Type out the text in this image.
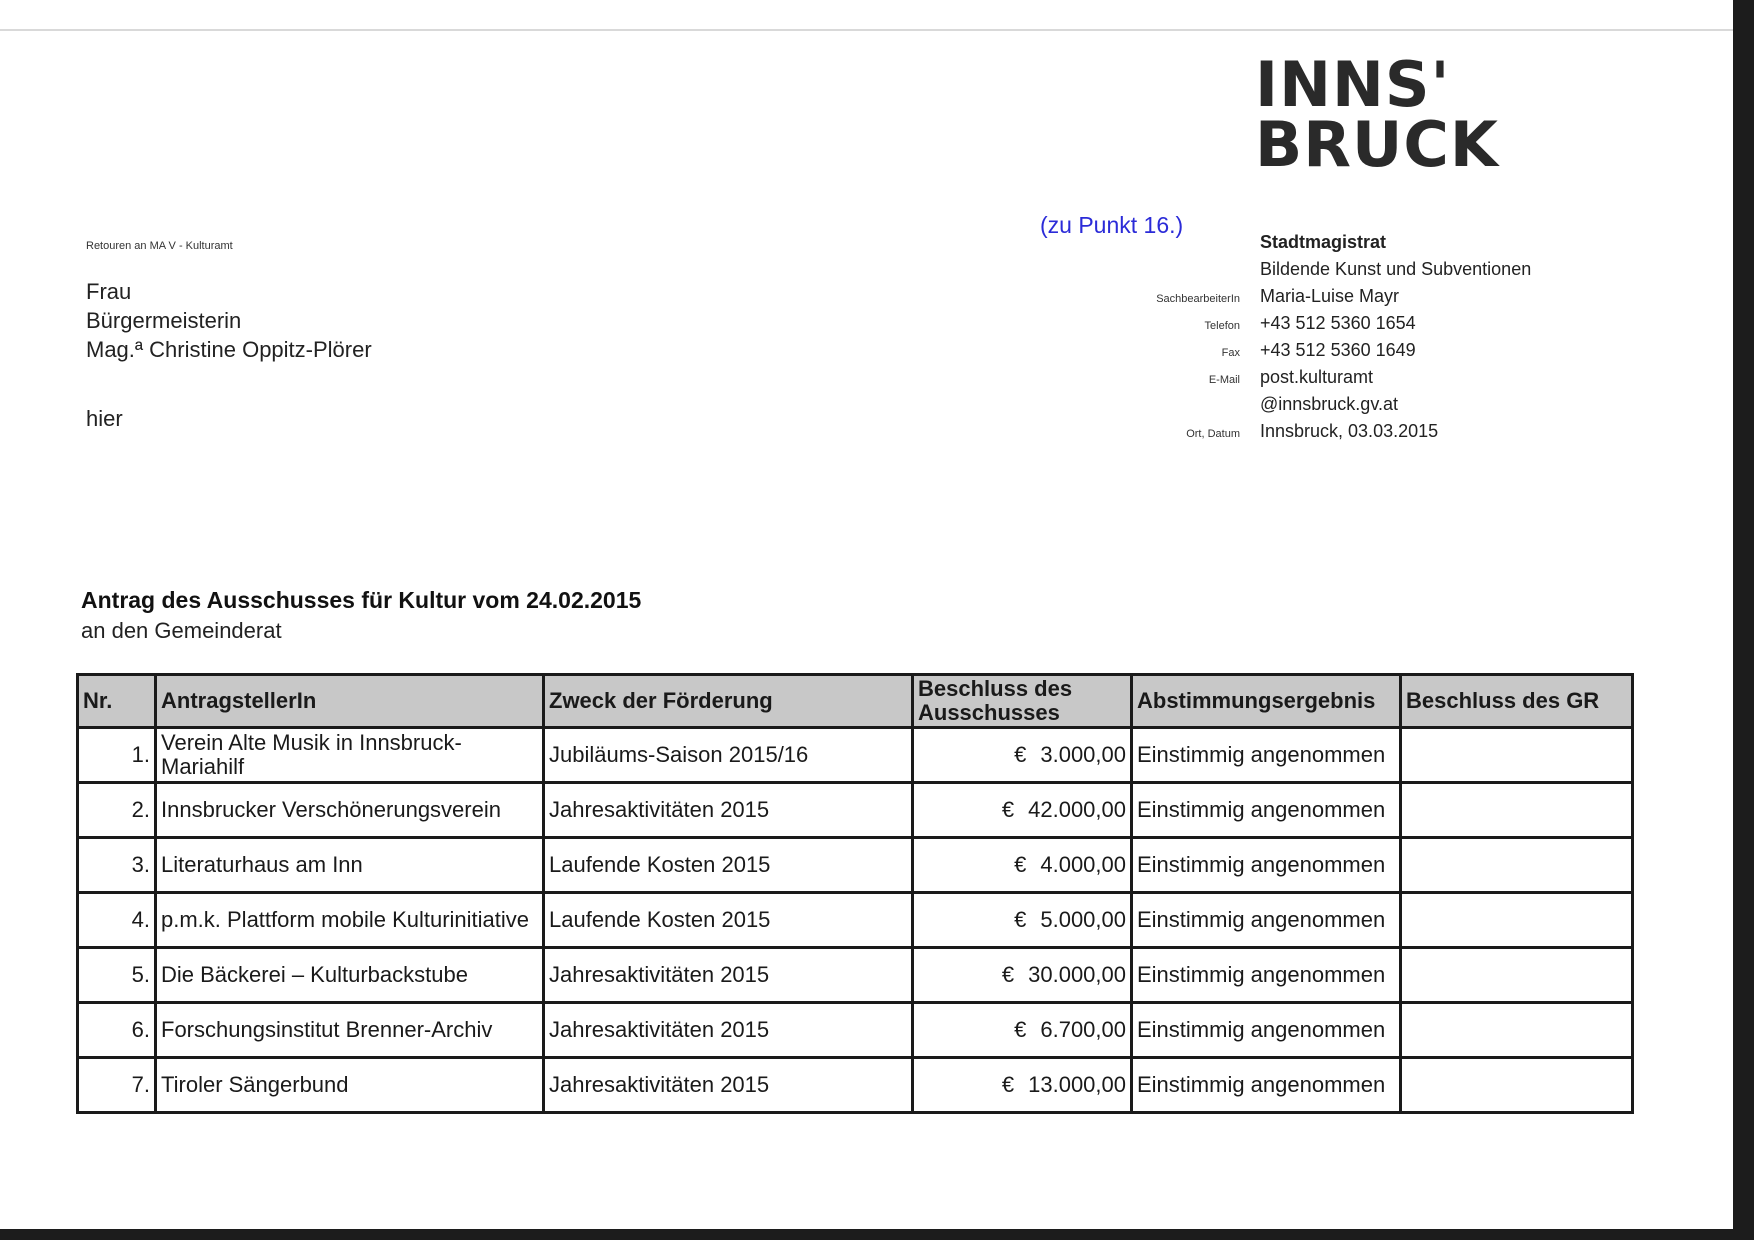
INNS'
BRUCK
(zu Punkt 16.)
Retouren an MA V - Kulturamt
Frau
Bürgermeisterin
Mag.ª Christine Oppitz-Plörer
hier
Stadtmagistrat
Bildende Kunst und Subventionen
SachbearbeiterIn	Maria-Luise Mayr
Telefon	+43 512 5360 1654
Fax	+43 512 5360 1649
E-Mail	post.kulturamt
@innsbruck.gv.at
Ort, Datum	Innsbruck, 03.03.2015
Antrag des Ausschusses für Kultur vom 24.02.2015
an den Gemeinderat
Nr.	AntragstellerIn	Zweck der Förderung	Beschluss des Ausschusses	Abstimmungsergebnis	Beschluss des GR
1.	Verein Alte Musik in Innsbruck-Mariahilf	Jubiläums-Saison 2015/16	€ 3.000,00	Einstimmig angenommen	
2.	Innsbrucker Verschönerungsverein	Jahresaktivitäten 2015	€ 42.000,00	Einstimmig angenommen	
3.	Literaturhaus am Inn	Laufende Kosten 2015	€ 4.000,00	Einstimmig angenommen	
4.	p.m.k. Plattform mobile Kulturinitiative	Laufende Kosten 2015	€ 5.000,00	Einstimmig angenommen	
5.	Die Bäckerei – Kulturbackstube	Jahresaktivitäten 2015	€ 30.000,00	Einstimmig angenommen	
6.	Forschungsinstitut Brenner-Archiv	Jahresaktivitäten 2015	€ 6.700,00	Einstimmig angenommen	
7.	Tiroler Sängerbund	Jahresaktivitäten 2015	€ 13.000,00	Einstimmig angenommen	
